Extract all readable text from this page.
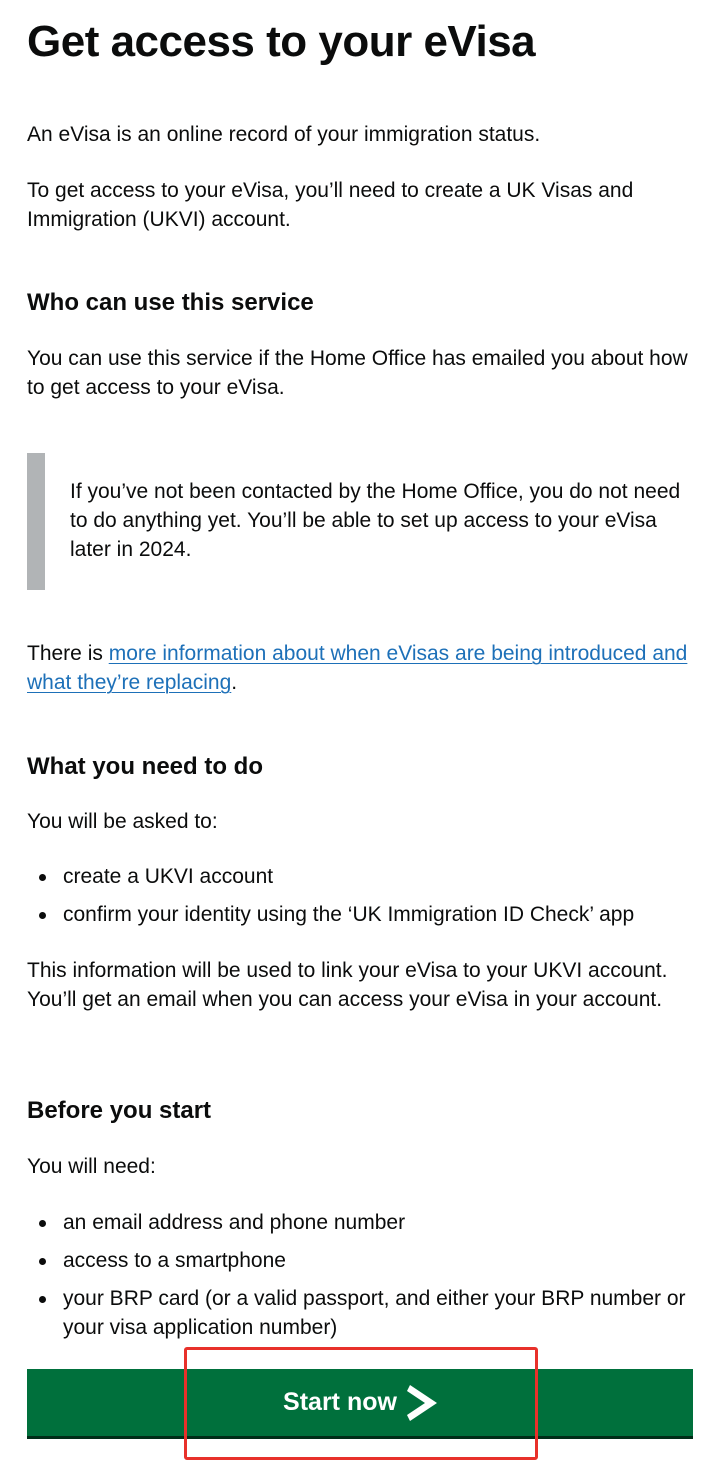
Get access to your eVisa

An eVisa is an online record of your immigration status.

To get access to your eVisa, you’ll need to create a UK Visas and Immigration (UKVI) account.

Who can use this service

You can use this service if the Home Office has emailed you about how to get access to your eVisa.

If you’ve not been contacted by the Home Office, you do not need to do anything yet. You’ll be able to set up access to your eVisa later in 2024.

There is more information about when eVisas are being introduced and what they’re replacing.

What you need to do

You will be asked to:

create a UKVI account
confirm your identity using the ‘UK Immigration ID Check’ app

This information will be used to link your eVisa to your UKVI account. You’ll get an email when you can access your eVisa in your account.

Before you start

You will need:

an email address and phone number
access to a smartphone
your BRP card (or a valid passport, and either your BRP number or your visa application number)
Start now
